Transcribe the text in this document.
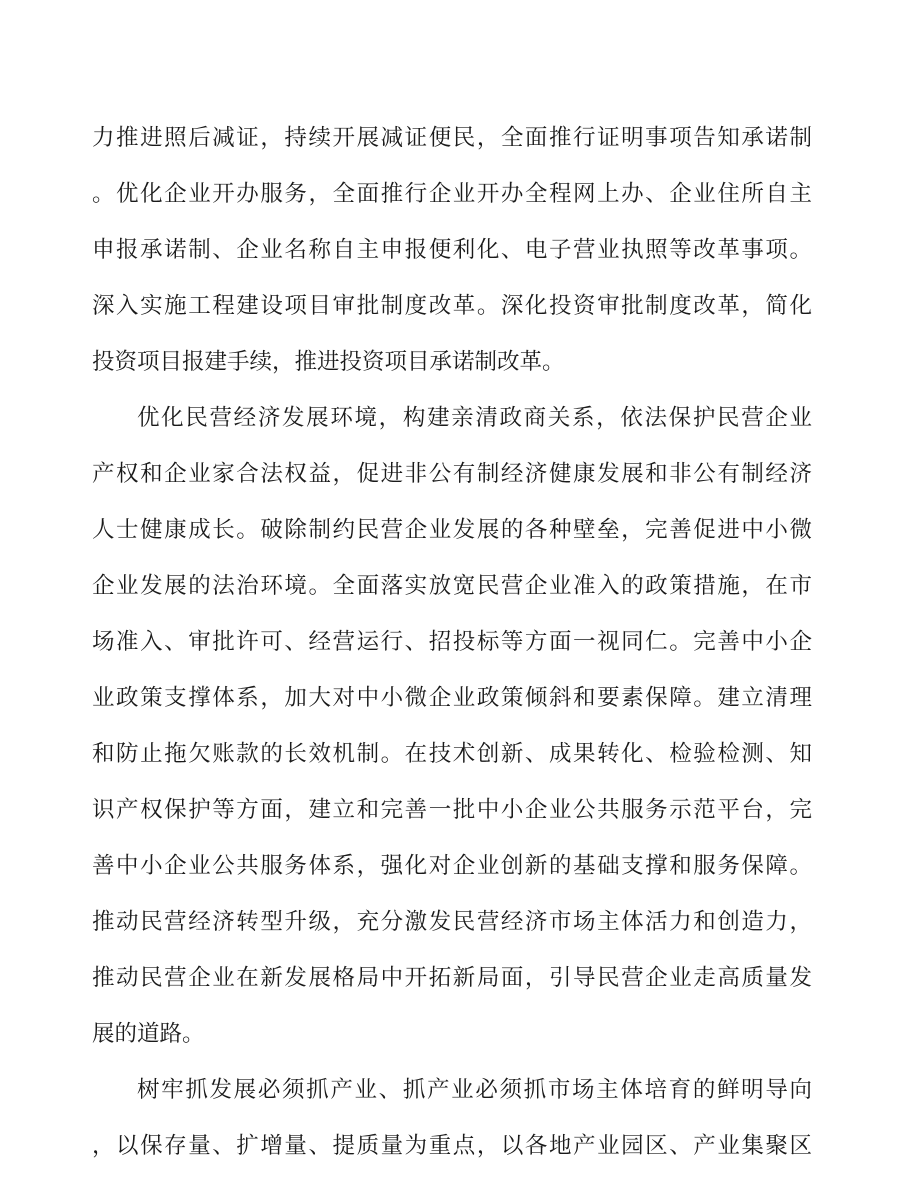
力推进照后减证，持续开展减证便民，全面推行证明事项告知承诺制
。优化企业开办服务，全面推行企业开办全程网上办、企业住所自主
申报承诺制、企业名称自主申报便利化、电子营业执照等改革事项。
深入实施工程建设项目审批制度改革。深化投资审批制度改革，简化
投资项目报建手续，推进投资项目承诺制改革。
优化民营经济发展环境，构建亲清政商关系，依法保护民营企业
产权和企业家合法权益，促进非公有制经济健康发展和非公有制经济
人士健康成长。破除制约民营企业发展的各种壁垒，完善促进中小微
企业发展的法治环境。全面落实放宽民营企业准入的政策措施，在市
场准入、审批许可、经营运行、招投标等方面一视同仁。完善中小企
业政策支撑体系，加大对中小微企业政策倾斜和要素保障。建立清理
和防止拖欠账款的长效机制。在技术创新、成果转化、检验检测、知
识产权保护等方面，建立和完善一批中小企业公共服务示范平台，完
善中小企业公共服务体系，强化对企业创新的基础支撑和服务保障。
推动民营经济转型升级，充分激发民营经济市场主体活力和创造力，
推动民营企业在新发展格局中开拓新局面，引导民营企业走高质量发
展的道路。
树牢抓发展必须抓产业、抓产业必须抓市场主体培育的鲜明导向
，以保存量、扩增量、提质量为重点，以各地产业园区、产业集聚区
